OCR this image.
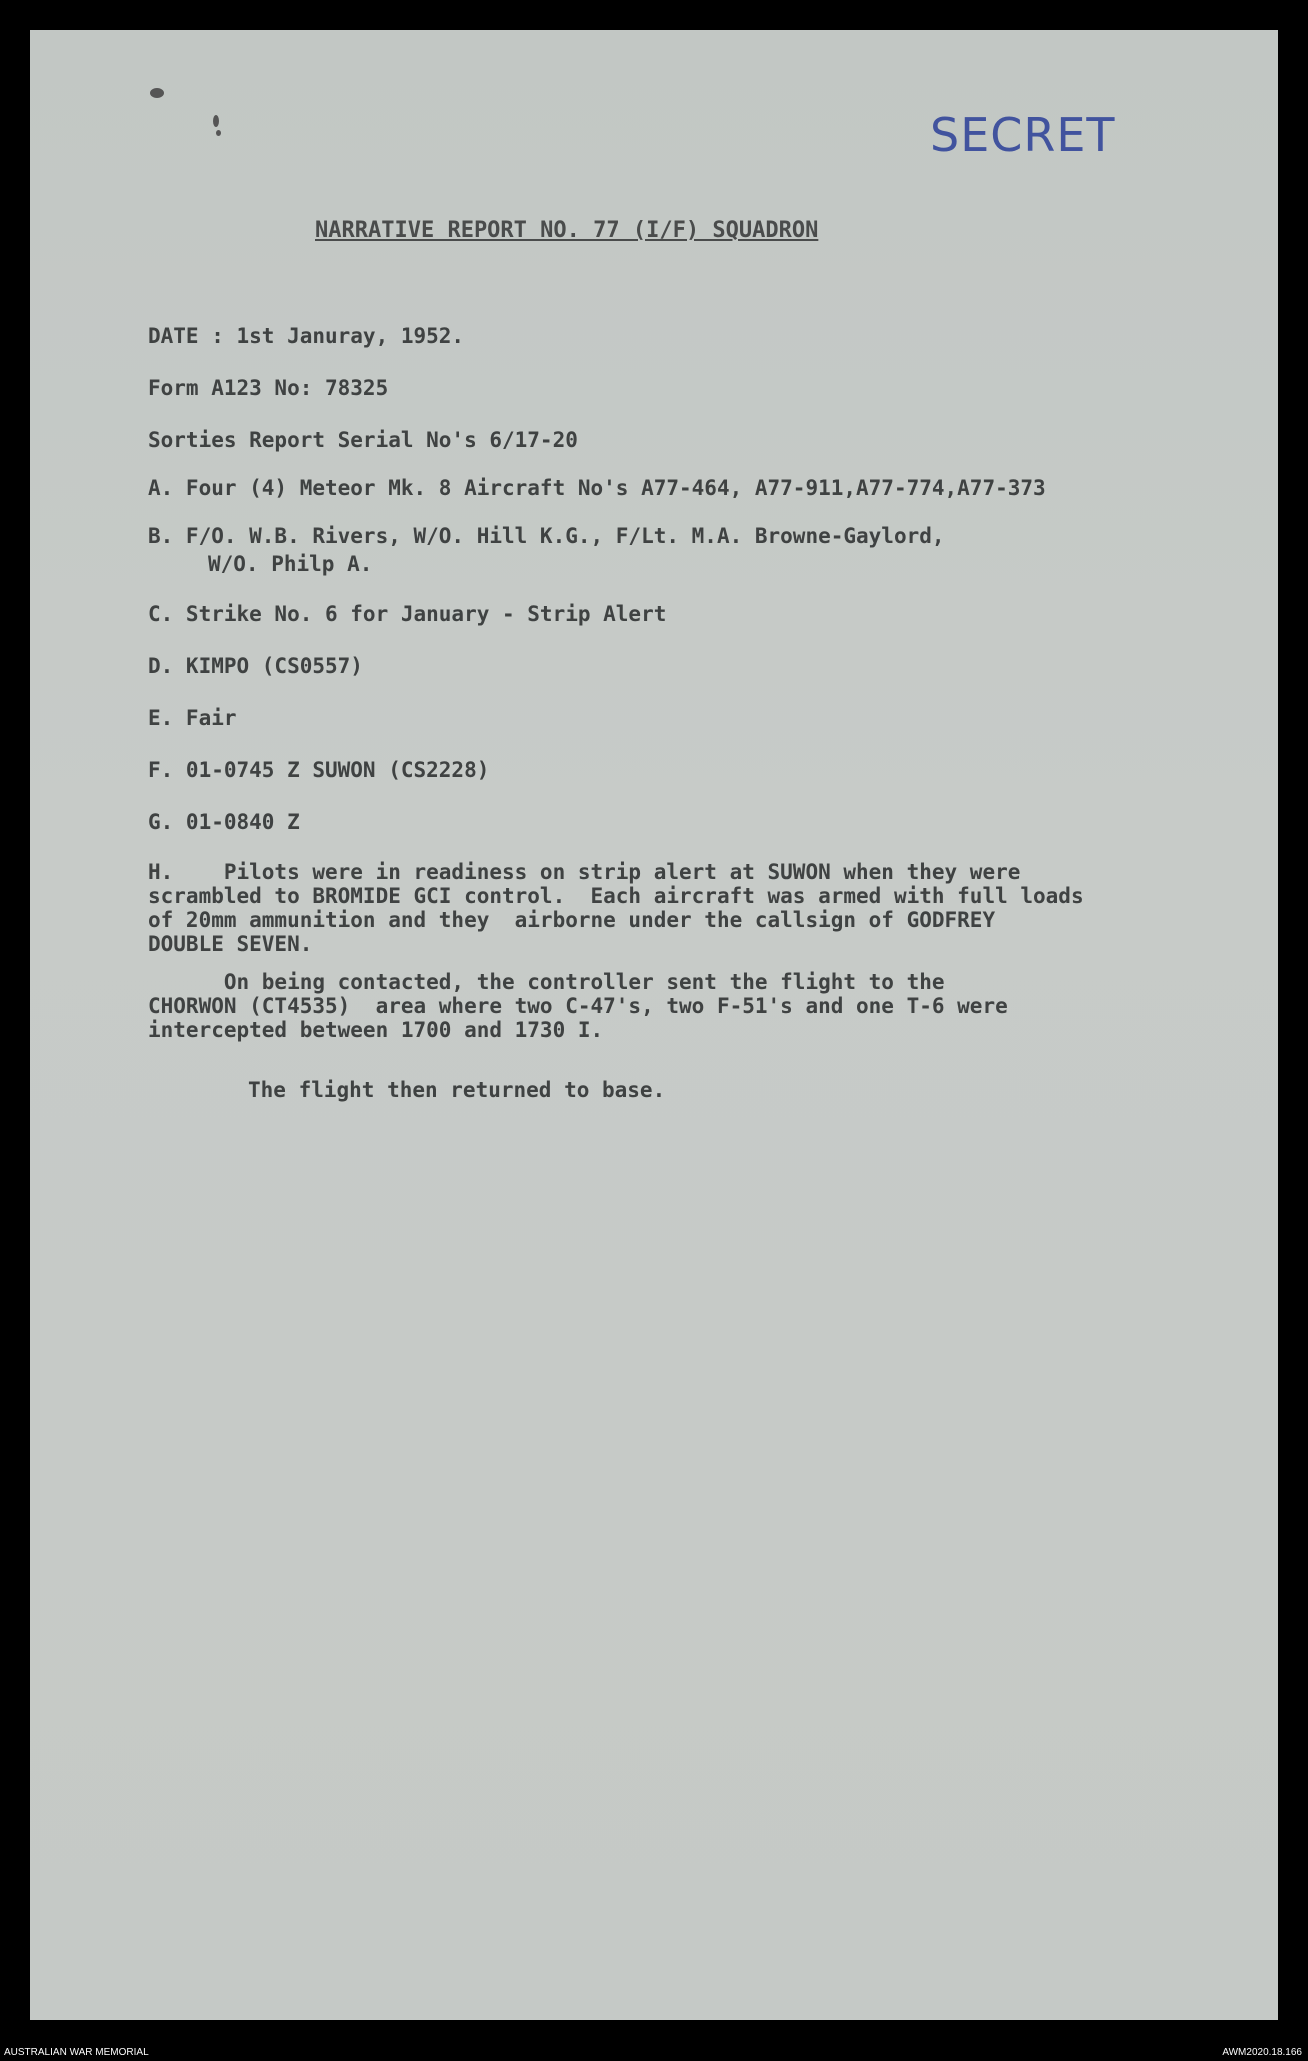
SECRET
NARRATIVE REPORT NO. 77 (I/F) SQUADRON
DATE : 1st Januray, 1952.
Form A123 No: 78325
Sorties Report Serial No's 6/17-20
A. Four (4) Meteor Mk. 8 Aircraft No's A77-464, A77-911,A77-774,A77-373
B. F/O. W.B. Rivers, W/O. Hill K.G., F/Lt. M.A. Browne-Gaylord,
W/O. Philp A.
C. Strike No. 6 for January - Strip Alert
D. KIMPO (CS0557)
E. Fair
F. 01-0745 Z SUWON (CS2228)
G. 01-0840 Z
H.    Pilots were in readiness on strip alert at SUWON when they were
scrambled to BROMIDE GCI control.  Each aircraft was armed with full loads
of 20mm ammunition and they  airborne under the callsign of GODFREY
DOUBLE SEVEN.
On being contacted, the controller sent the flight to the
CHORWON (CT4535)  area where two C-47's, two F-51's and one T-6 were
intercepted between 1700 and 1730 I.
The flight then returned to base.
AUSTRALIAN WAR MEMORIAL	AWM2020.18.166
